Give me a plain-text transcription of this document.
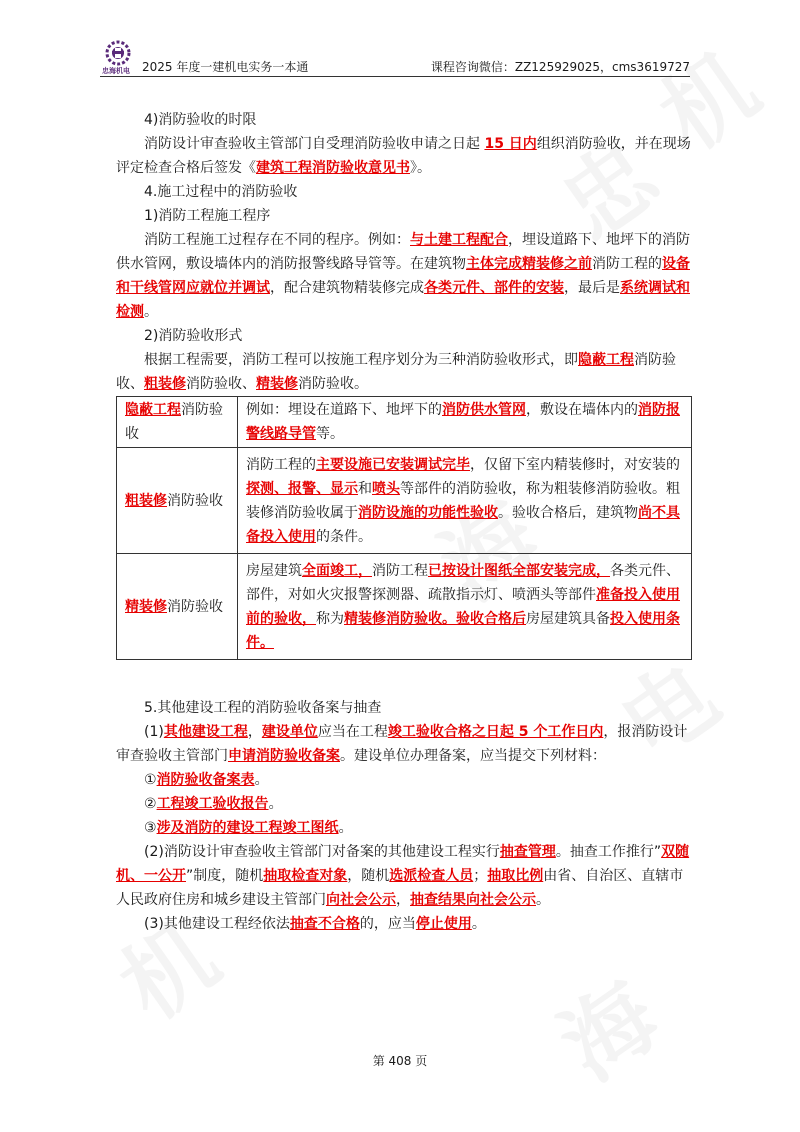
忠海机电 2025 年度一建机电实务一本通	课程咨询微信：ZZ125929025，cms3619727

4)消防验收的时限

消防设计审查验收主管部门自受理消防验收申请之日起 15 日内组织消防验收，并在现场评定检查合格后签发《建筑工程消防验收意见书》。

4.施工过程中的消防验收

1)消防工程施工程序

消防工程施工过程存在不同的程序。例如：与土建工程配合，埋设道路下、地坪下的消防供水管网，敷设墙体内的消防报警线路导管等。在建筑物主体完成精装修之前消防工程的设备和干线管网应就位并调试，配合建筑物精装修完成各类元件、部件的安装，最后是系统调试和检测。

2)消防验收形式

根据工程需要，消防工程可以按施工程序划分为三种消防验收形式，即隐蔽工程消防验收、粗装修消防验收、精装修消防验收。

隐蔽工程消防验收	例如：埋设在道路下、地坪下的消防供水管网，敷设在墙体内的消防报警线路导管等。
粗装修消防验收	消防工程的主要设施已安装调试完毕，仅留下室内精装修时，对安装的探测、报警、显示和喷头等部件的消防验收，称为粗装修消防验收。粗装修消防验收属于消防设施的功能性验收。验收合格后，建筑物尚不具备投入使用的条件。
精装修消防验收	房屋建筑全面竣工，消防工程已按设计图纸全部安装完成，各类元件、部件，对如火灾报警探测器、疏散指示灯、喷洒头等部件准备投入使用前的验收，称为精装修消防验收。验收合格后房屋建筑具备投入使用条件。

5.其他建设工程的消防验收备案与抽查

(1)其他建设工程，建设单位应当在工程竣工验收合格之日起 5 个工作日内，报消防设计审查验收主管部门申请消防验收备案。建设单位办理备案，应当提交下列材料：

①消防验收备案表。

②工程竣工验收报告。

③涉及消防的建设工程竣工图纸。

(2)消防设计审查验收主管部门对备案的其他建设工程实行抽查管理。抽查工作推行”双随机、一公开”制度，随机抽取检查对象，随机选派检查人员；抽取比例由省、自治区、直辖市人民政府住房和城乡建设主管部门向社会公示，抽查结果向社会公示。

(3)其他建设工程经依法抽查不合格的，应当停止使用。

第 408 页
